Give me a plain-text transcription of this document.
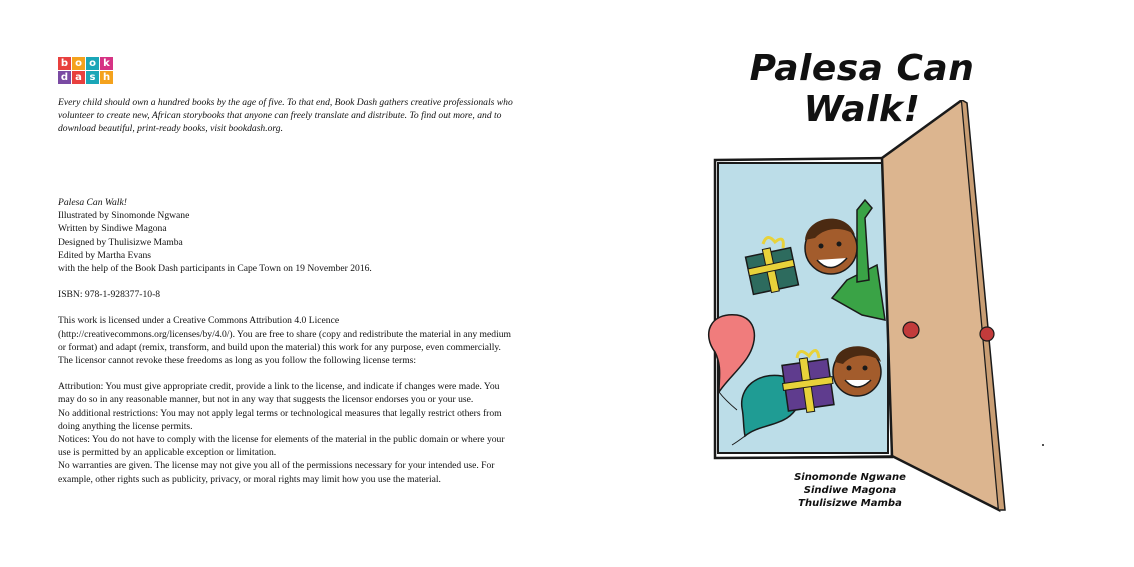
b o o k
d a s h

Every child should own a hundred books by the age of five. To that end, Book Dash gathers creative professionals who volunteer to create new, African storybooks that anyone can freely translate and distribute. To find out more, and to download beautiful, print-ready books, visit bookdash.org.

Palesa Can Walk!

Illustrated by Sinomonde Ngwane

Written by Sindiwe Magona

Designed by Thulisizwe Mamba

Edited by Martha Evans

with the help of the Book Dash participants in Cape Town on 19 November 2016.

ISBN: 978-1-928377-10-8

This work is licensed under a Creative Commons Attribution 4.0 Licence (http://creativecommons.org/licenses/by/4.0/). You are free to share (copy and redistribute the material in any medium or format) and adapt (remix, transform, and build upon the material) this work for any purpose, even commercially. The licensor cannot revoke these freedoms as long as you follow the following license terms:

Attribution: You must give appropriate credit, provide a link to the license, and indicate if changes were made. You may do so in any reasonable manner, but not in any way that suggests the licensor endorses you or your use.

No additional restrictions: You may not apply legal terms or technological measures that legally restrict others from doing anything the license permits.

Notices: You do not have to comply with the license for elements of the material in the public domain or where your use is permitted by an applicable exception or limitation.

No warranties are given. The license may not give you all of the permissions necessary for your intended use. For example, other rights such as publicity, privacy, or moral rights may limit how you use the material.

Palesa Can Walk!
Sinomonde Ngwane
Sindiwe Magona
Thulisizwe Mamba
